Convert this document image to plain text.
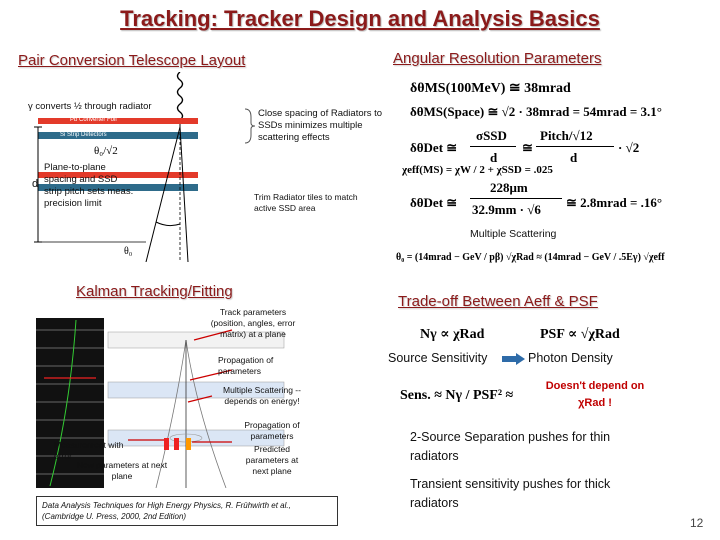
Tracking: Tracker Design and Analysis Basics
Pair Conversion Telescope Layout
γ converts ½ through radiator
Pb Converter Foil
Si Strip Detectors
θ₀/√2
Plane-to-plane spacing and SSD strip pitch sets meas. precision limit
d
θ₀
Close spacing of Radiators to SSDs minimizes multiple scattering effects
Trim Radiator tiles to match active SSD area
Angular Resolution Parameters
δθMS(100MeV) ≅ 38mrad
δθMS(Space) ≅ √2 · 38mrad = 54mrad = 3.1°
δθDet ≅
σSSD
d
≅
Pitch/√12
d
· √2
χeff(MS) = χW / 2 + χSSD = .025
δθDet ≅
228μm
32.9mm · √6 ≅ 2.8mrad = .16°
Multiple Scattering
θ₀ = (14mrad − GeV / pβ) √χRad ≈ (14mrad − GeV / .5Eγ) √χeff
Kalman Tracking/Fitting
Track parameters (position, angles, error matrix) at a plane
Propagation of parameters
Multiple Scattering -- depends on energy!
Propagation of parameters
Measurement with error
New parameters at next plane
Predicted parameters at next plane
Data Analysis Techniques for High Energy Physics, R. Frühwirth et al., (Cambridge U. Press, 2000, 2nd Edition)
Trade-off Between Aeff & PSF
Nγ ∝ χRad	PSF ∝ √χRad
Source Sensitivity	Photon Density
Sens. ≈ Nγ / PSF² ≈
Doesn't depend on χRad !
2-Source Separation pushes for thin radiators
Transient sensitivity pushes for thick radiators
12
